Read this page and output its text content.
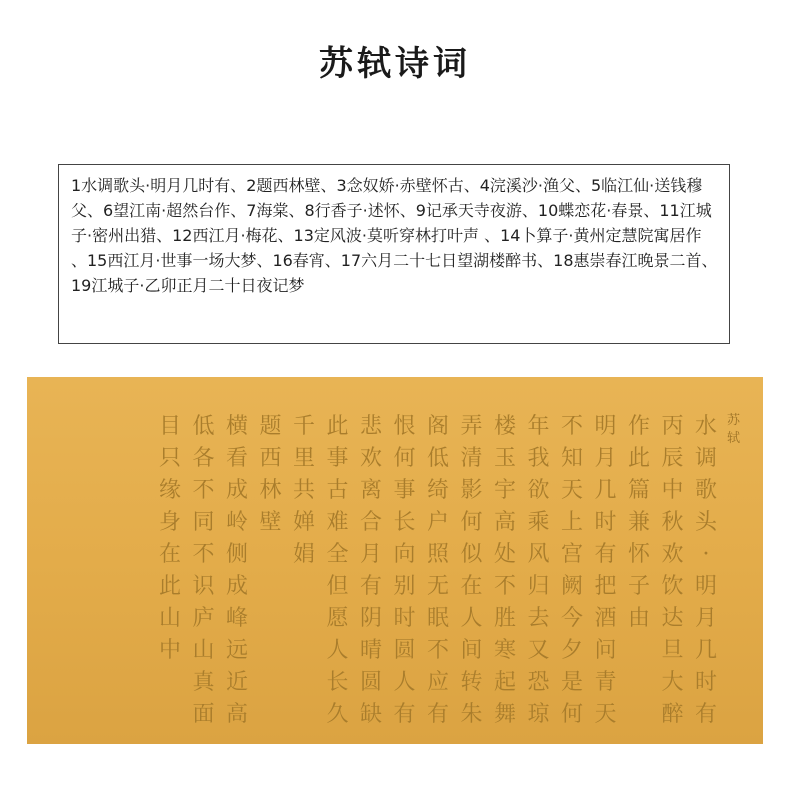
苏轼诗词
1水调歌头·明月几时有、2题西林壁、3念奴娇·赤壁怀古、4浣溪沙·渔父、5临江仙·送钱穆父、6望江南·超然台作、7海棠、8行香子·述怀、9记承天寺夜游、10蝶恋花·春景、11江城子·密州出猎、12西江月·梅花、13定风波·莫听穿林打叶声 、14卜算子·黄州定慧院寓居作 、15西江月·世事一场大梦、16春宵、17六月二十七日望湖楼醉书、18惠崇春江晚景二首、19江城子·乙卯正月二十日夜记梦
苏
轼
水
调
歌
头
·
明
月
几
时
有
丙
辰
中
秋
欢
饮
达
旦
大
醉
作
此
篇
兼
怀
子
由
明
月
几
时
有
把
酒
问
青
天
不
知
天
上
宫
阙
今
夕
是
何
年
我
欲
乘
风
归
去
又
恐
琼
楼
玉
宇
高
处
不
胜
寒
起
舞
弄
清
影
何
似
在
人
间
转
朱
阁
低
绮
户
照
无
眠
不
应
有
恨
何
事
长
向
别
时
圆
人
有
悲
欢
离
合
月
有
阴
晴
圆
缺
此
事
古
难
全
但
愿
人
长
久
千
里
共
婵
娟
题
西
林
壁
横
看
成
岭
侧
成
峰
远
近
高
低
各
不
同
不
识
庐
山
真
面
目
只
缘
身
在
此
山
中
